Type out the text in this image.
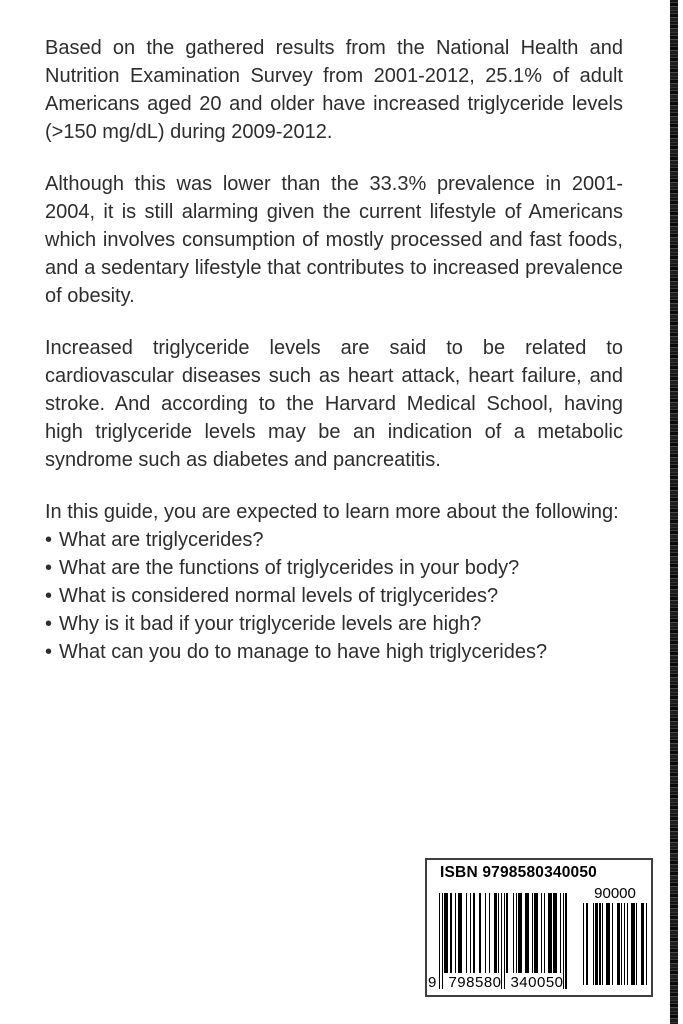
Based on the gathered results from the National Health and Nutrition Examination Survey from 2001-2012, 25.1% of adult Americans aged 20 and older have increased triglyceride levels (>150 mg/dL) during 2009-2012.

Although this was lower than the 33.3% prevalence in 2001-2004, it is still alarming given the current lifestyle of Americans which involves consumption of mostly processed and fast foods, and a sedentary lifestyle that contributes to increased prevalence of obesity.

Increased triglyceride levels are said to be related to cardiovascular diseases such as heart attack, heart failure, and stroke. And according to the Harvard Medical School, having high triglyceride levels may be an indication of a metabolic syndrome such as diabetes and pancreatitis.

In this guide, you are expected to learn more about the following:

• What are triglycerides?
• What are the functions of triglycerides in your body?
• What is considered normal levels of triglycerides?
• Why is it bad if your triglyceride levels are high?
• What can you do to manage to have high triglycerides?
ISBN 9798580340050
9 798580 340050
90000
